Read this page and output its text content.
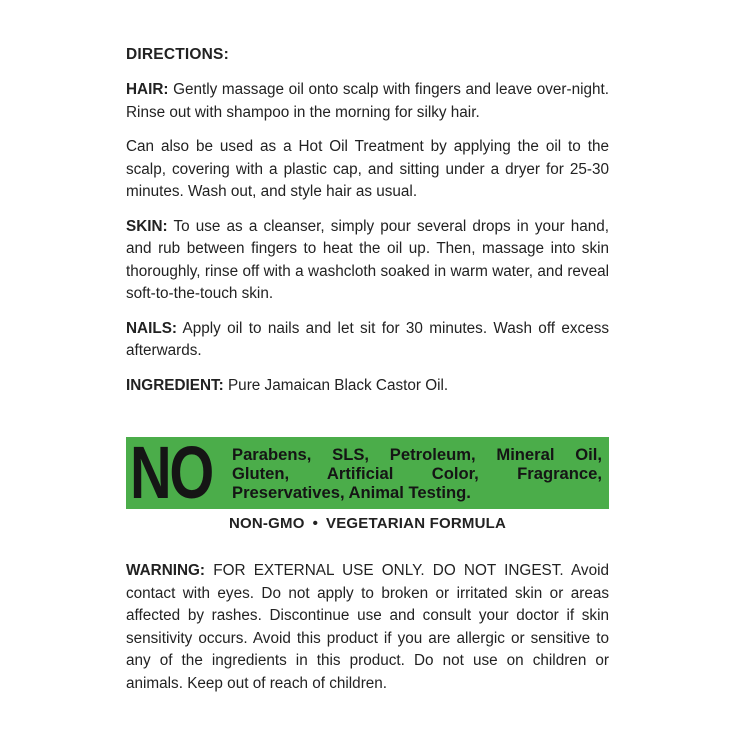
DIRECTIONS:

HAIR: Gently massage oil onto scalp with fingers and leave over-night. Rinse out with shampoo in the morning for silky hair.

Can also be used as a Hot Oil Treatment by applying the oil to the scalp, covering with a plastic cap, and sitting under a dryer for 25-30 minutes. Wash out, and style hair as usual.

SKIN: To use as a cleanser, simply pour several drops in your hand, and rub between fingers to heat the oil up. Then, massage into skin thoroughly, rinse off with a washcloth soaked in warm water, and reveal soft-to-the-touch skin.

NAILS: Apply oil to nails and let sit for 30 minutes. Wash off excess afterwards.

INGREDIENT: Pure Jamaican Black Castor Oil.

NO Parabens, SLS, Petroleum, Mineral Oil,
Gluten, Artificial Color, Fragrance,
Preservatives, Animal Testing.
NON-GMO • VEGETARIAN FORMULA

WARNING: FOR EXTERNAL USE ONLY. DO NOT INGEST. Avoid contact with eyes. Do not apply to broken or irritated skin or areas affected by rashes. Discontinue use and consult your doctor if skin sensitivity occurs. Avoid this product if you are allergic or sensitive to any of the ingredients in this product. Do not use on children or animals. Keep out of reach of children.
